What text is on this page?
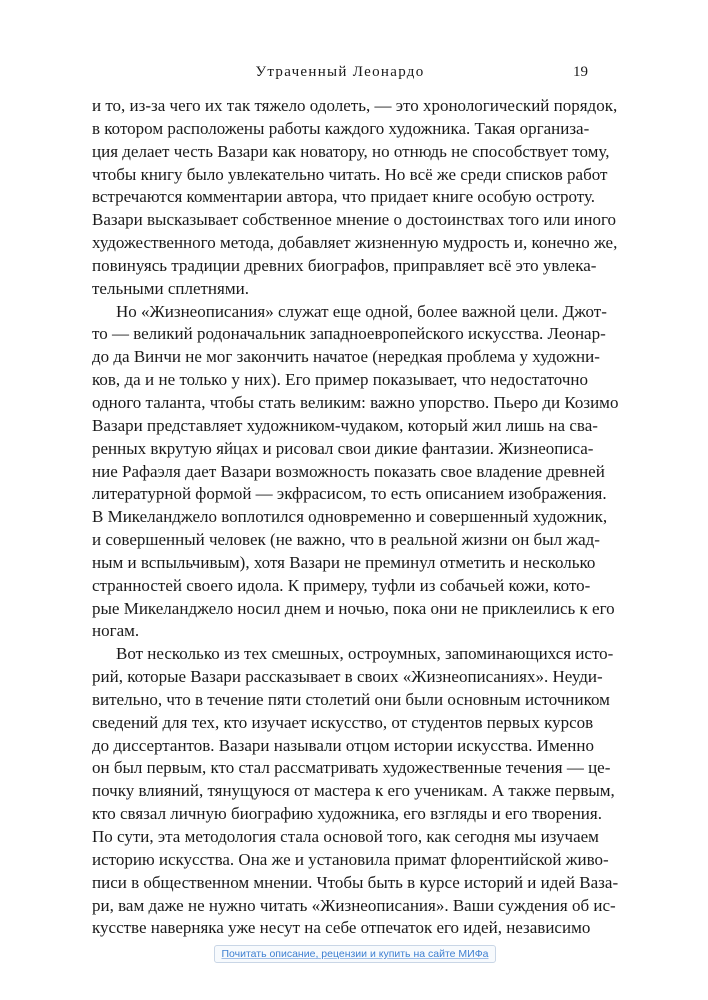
Утраченный Леонардо	19

и то, из-за чего их так тяжело одолеть, — это хронологический порядок,
в котором расположены работы каждого художника. Такая организа-
ция делает честь Вазари как новатору, но отнюдь не способствует тому,
чтобы книгу было увлекательно читать. Но всё же среди списков работ
встречаются комментарии автора, что придает книге особую остроту.
Вазари высказывает собственное мнение о достоинствах того или иного
художественного метода, добавляет жизненную мудрость и, конечно же,
повинуясь традиции древних биографов, приправляет всё это увлека-
тельными сплетнями.

Но «Жизнеописания» служат еще одной, более важной цели. Джот-
то — великий родоначальник западноевропейского искусства. Леонар-
до да Винчи не мог закончить начатое (нередкая проблема у художни-
ков, да и не только у них). Его пример показывает, что недостаточно
одного таланта, чтобы стать великим: важно упорство. Пьеро ди Козимо
Вазари представляет художником-чудаком, который жил лишь на сва-
ренных вкрутую яйцах и рисовал свои дикие фантазии. Жизнеописа-
ние Рафаэля дает Вазари возможность показать свое владение древней
литературной формой — экфрасисом, то есть описанием изображения.
В Микеланджело воплотился одновременно и совершенный художник,
и совершенный человек (не важно, что в реальной жизни он был жад-
ным и вспыльчивым), хотя Вазари не преминул отметить и несколько
странностей своего идола. К примеру, туфли из собачьей кожи, кото-
рые Микеланджело носил днем и ночью, пока они не приклеились к его
ногам.

Вот несколько из тех смешных, остроумных, запоминающихся исто-
рий, которые Вазари рассказывает в своих «Жизнеописаниях». Неуди-
вительно, что в течение пяти столетий они были основным источником
сведений для тех, кто изучает искусство, от студентов первых курсов
до диссертантов. Вазари называли отцом истории искусства. Именно
он был первым, кто стал рассматривать художественные течения — це-
почку влияний, тянущуюся от мастера к его ученикам. А также первым,
кто связал личную биографию художника, его взгляды и его творения.
По сути, эта методология стала основой того, как сегодня мы изучаем
историю искусства. Она же и установила примат флорентийской живо-
писи в общественном мнении. Чтобы быть в курсе историй и идей Вaза-
ри, вам даже не нужно читать «Жизнеописания». Ваши суждения об ис-
кусстве наверняка уже несут на себе отпечаток его идей, независимо

Почитать описание, рецензии и купить на сайте МИФа
